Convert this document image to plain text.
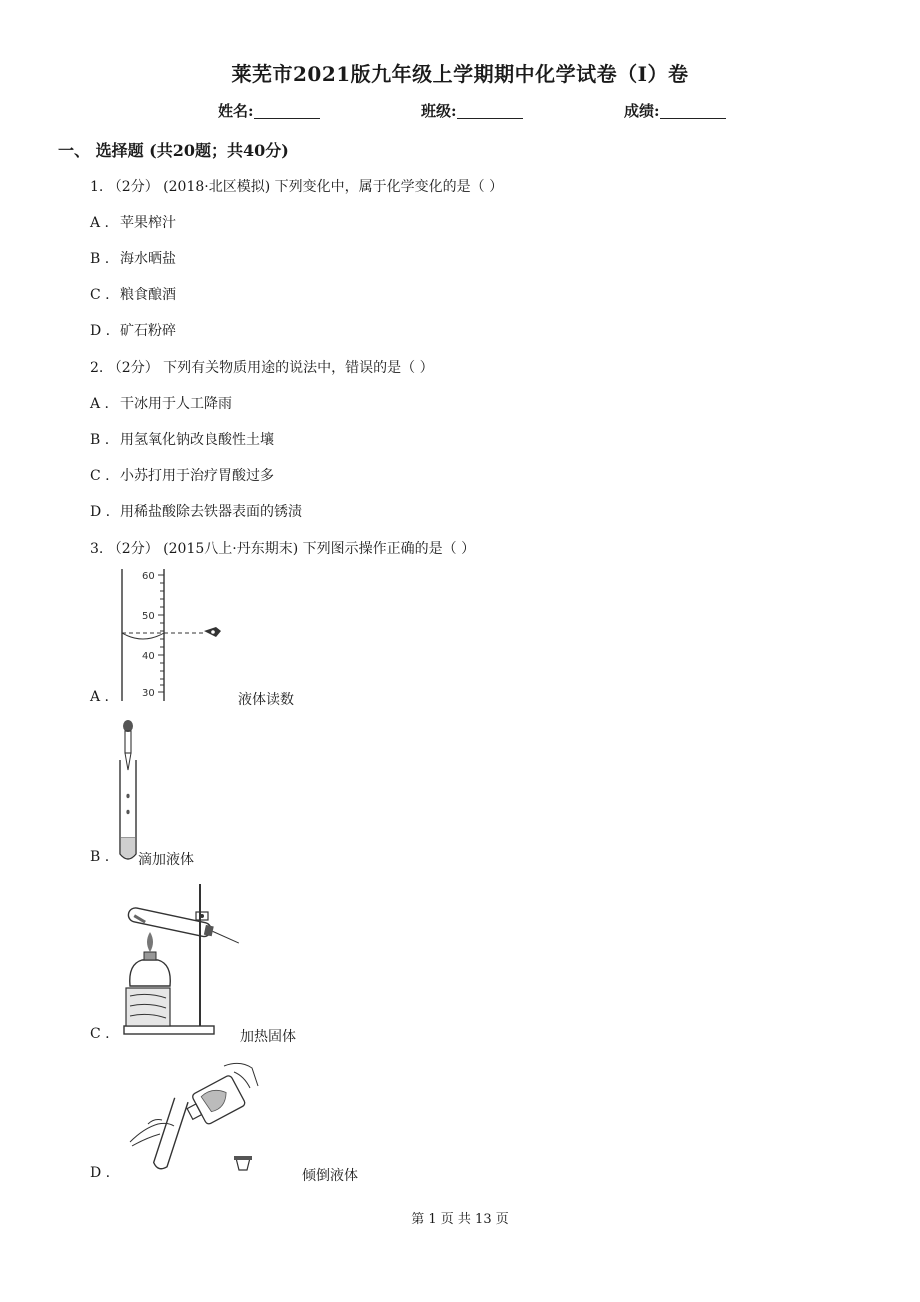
莱芜市2021版九年级上学期期中化学试卷（I）卷
姓名:	班级:	成绩:
一、 选择题 (共20题；共40分)
1. （2分） (2018·北区模拟) 下列变化中，属于化学变化的是（ ）
A . 苹果榨汁
B . 海水晒盐
C . 粮食酿酒
D . 矿石粉碎
2. （2分） 下列有关物质用途的说法中，错误的是（ ）
A . 干冰用于人工降雨
B . 用氢氧化钠改良酸性土壤
C . 小苏打用于治疗胃酸过多
D . 用稀盐酸除去铁器表面的锈渍
3. （2分） (2015八上·丹东期末) 下列图示操作正确的是（ ）
60
50
40
30
A .	液体读数
B .	滴加液体
C .	加热固体
D .	倾倒液体
第 1 页 共 13 页
